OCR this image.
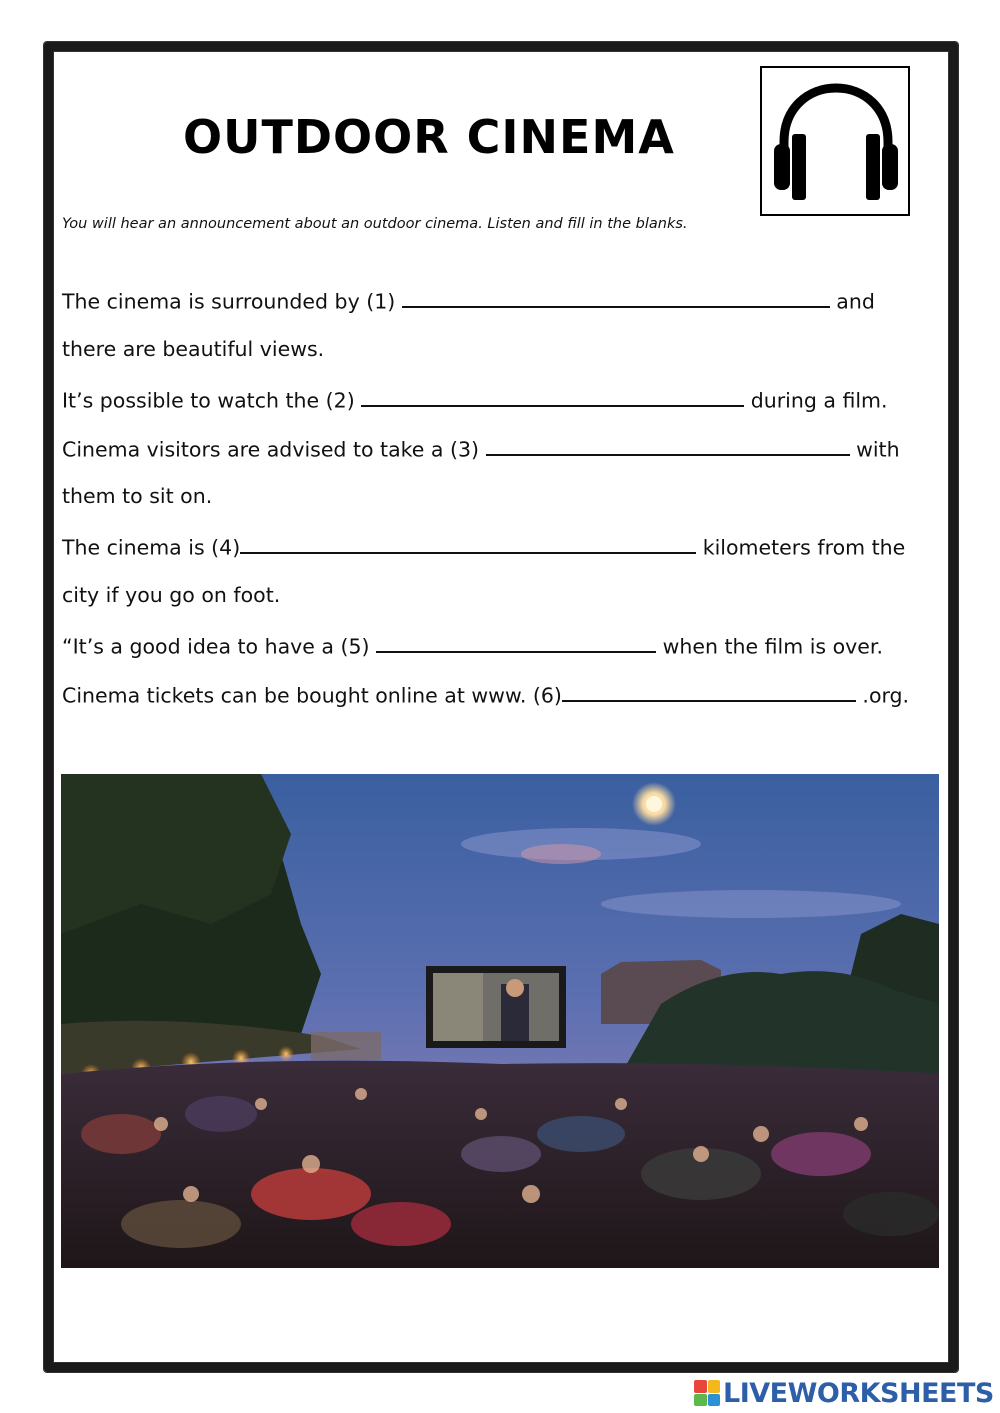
OUTDOOR CINEMA
You will hear an announcement about an outdoor cinema. Listen and fill in the blanks.
The cinema is surrounded by (1)	and
there are beautiful views.
It’s possible to watch the (2)	during a film.
Cinema visitors are advised to take a (3)	with
them to sit on.
The cinema is (4)	kilometers from the
city if you go on foot.
“It’s a good idea to have a (5)	when the film is over.
Cinema tickets can be bought online at www. (6)	.org.
LIVEWORKSHEETS
